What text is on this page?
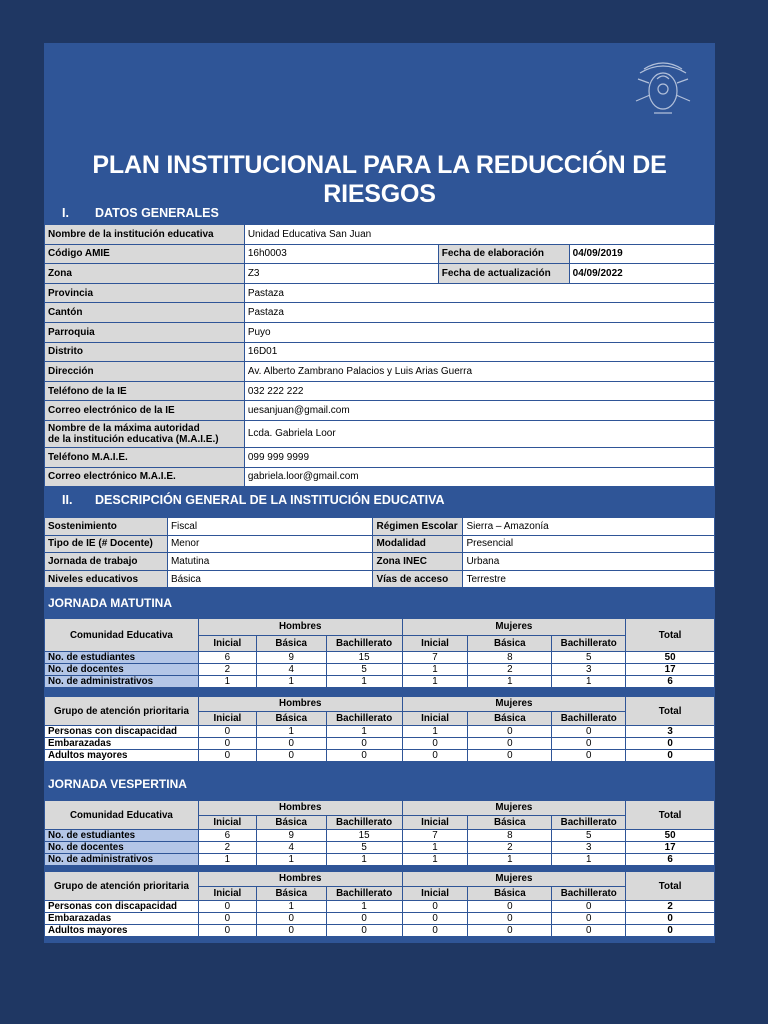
PLAN INSTITUCIONAL PARA LA REDUCCIÓN DE RIESGOS
I. DATOS GENERALES
Nombre de la institución educativa	Unidad Educativa San Juan		
Código AMIE	16h0003	Fecha de elaboración	04/09/2019
Zona	Z3	Fecha de actualización	04/09/2022
Provincia	Pastaza		
Cantón	Pastaza		
Parroquia	Puyo		
Distrito	16D01		
Dirección	Av. Alberto Zambrano Palacios y Luis Arias Guerra		
Teléfono de la IE	032 222 222		
Correo electrónico de la IE	uesanjuan@gmail.com		
Nombre de la máxima autoridad
de la institución educativa (M.A.I.E.)	Lcda. Gabriela Loor		
Teléfono M.A.I.E.	099 999 9999		
Correo electrónico M.A.I.E.	gabriela.loor@gmail.com		
II. DESCRIPCIÓN GENERAL DE LA INSTITUCIÓN EDUCATIVA
Sostenimiento	Fiscal	Régimen Escolar	Sierra – Amazonía
Tipo de IE (# Docente)	Menor	Modalidad	Presencial
Jornada de trabajo	Matutina	Zona INEC	Urbana
Niveles educativos	Básica	Vías de acceso	Terrestre
JORNADA MATUTINA
Comunidad Educativa	Hombres			Mujeres			Total
	Inicial	Básica	Bachillerato	Inicial	Básica	Bachillerato	
No. de estudiantes	6	9	15	7	8	5	50
No. de docentes	2	4	5	1	2	3	17
No. de administrativos	1	1	1	1	1	1	6
Grupo de atención prioritaria	Hombres			Mujeres			Total
	Inicial	Básica	Bachillerato	Inicial	Básica	Bachillerato	
Personas con discapacidad	0	1	1	1	0	0	3
Embarazadas	0	0	0	0	0	0	0
Adultos mayores	0	0	0	0	0	0	0
JORNADA VESPERTINA
Comunidad Educativa	Hombres			Mujeres			Total
	Inicial	Básica	Bachillerato	Inicial	Básica	Bachillerato	
No. de estudiantes	6	9	15	7	8	5	50
No. de docentes	2	4	5	1	2	3	17
No. de administrativos	1	1	1	1	1	1	6
Grupo de atención prioritaria	Hombres			Mujeres			Total
	Inicial	Básica	Bachillerato	Inicial	Básica	Bachillerato	
Personas con discapacidad	0	1	1	0	0	0	2
Embarazadas	0	0	0	0	0	0	0
Adultos mayores	0	0	0	0	0	0	0
